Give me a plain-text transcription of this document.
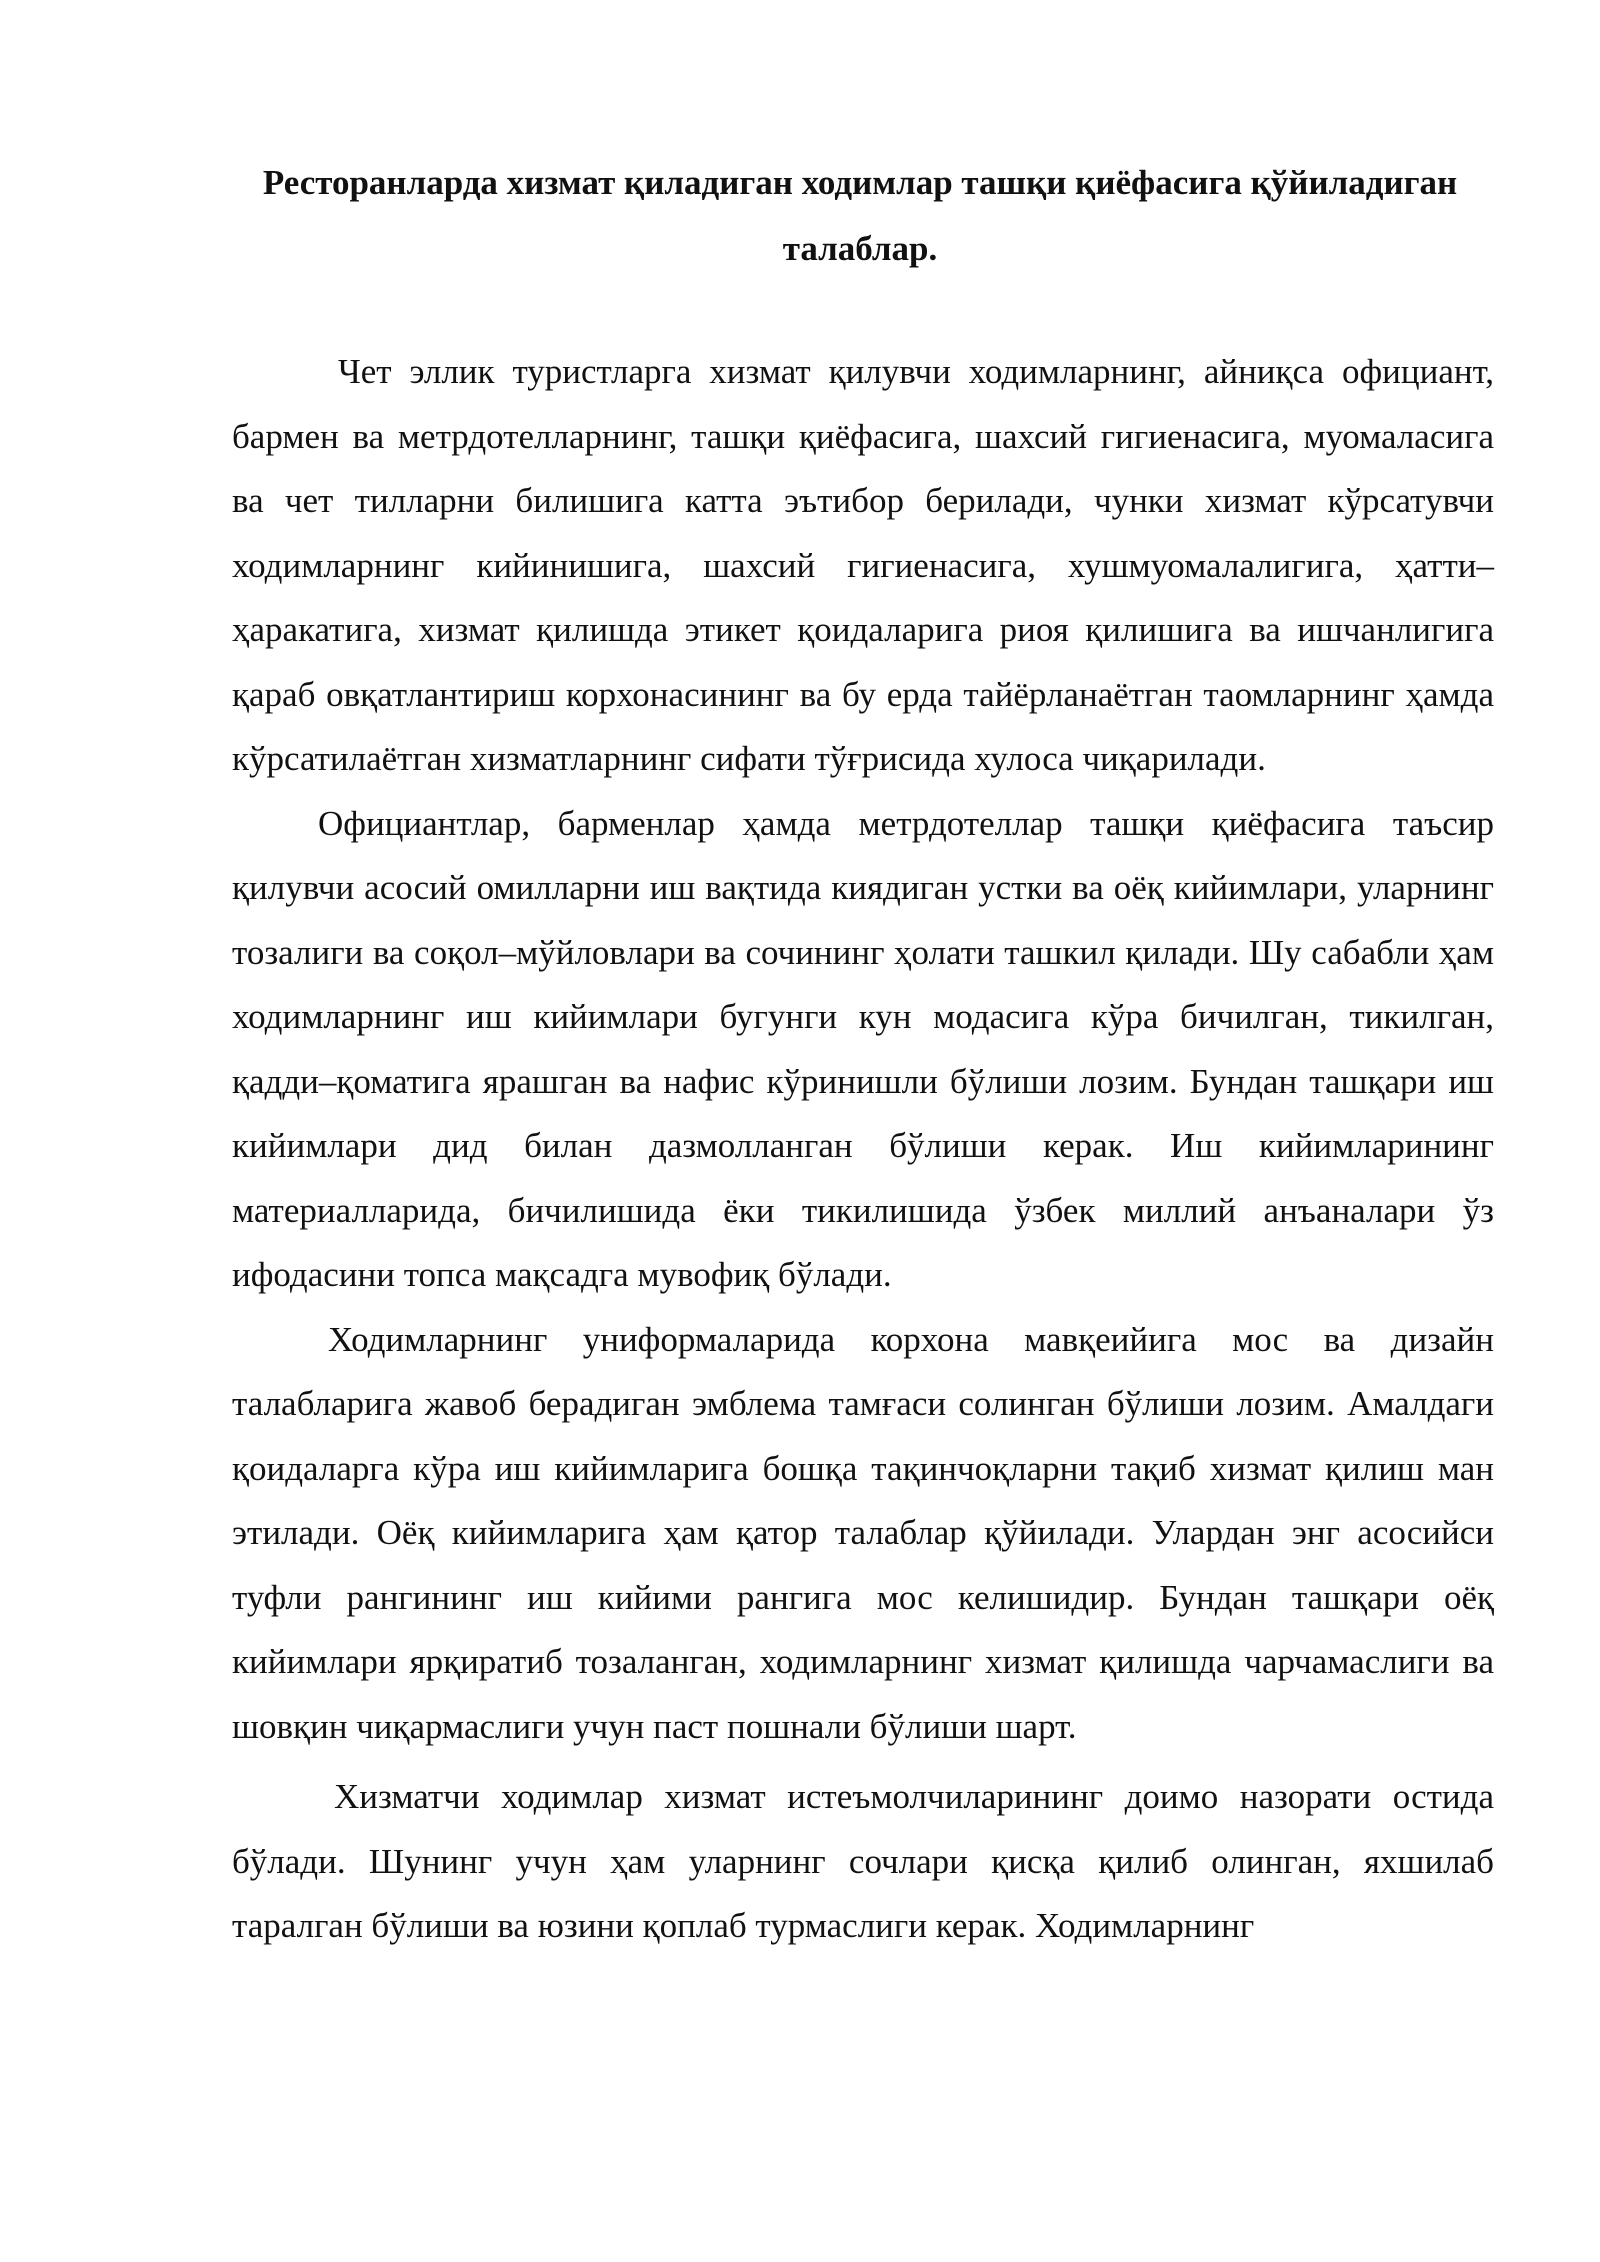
Ресторанларда хизмат қиладиган ходимлар ташқи қиёфасига қўйиладиган талаблар.

Чет эллик туристларга хизмат қилувчи ходимларнинг, айниқса официант, бармен ва метрдотелларнинг, ташқи қиёфасига, шахсий гигиенасига, муомаласига ва чет тилларни билишига катта эътибор берилади, чунки хизмат кўрсатувчи ходимларнинг кийинишига, шахсий гигиенасига, хушмуомалалигига, ҳатти– ҳаракатига, хизмат қилишда этикет қоидаларига риоя қилишига ва ишчанлигига қараб овқатлантириш корхонасининг ва бу ерда тайёрланаётган таомларнинг ҳамда кўрсатилаётган хизматларнинг сифати тўғрисида хулоса чиқарилади.

Официантлар, барменлар ҳамда метрдотеллар ташқи қиёфасига таъсир қилувчи асосий омилларни иш вақтида киядиган устки ва оёқ кийимлари, уларнинг тозалиги ва соқол–мўйловлари ва сочининг ҳолати ташкил қилади. Шу сабабли ҳам ходимларнинг иш кийимлари бугунги кун модасига кўра бичилган, тикилган, қадди–қоматига ярашган ва нафис кўринишли бўлиши лозим. Бундан ташқари иш кийимлари дид билан дазмолланган бўлиши керак. Иш кийимларининг материалларида, бичилишида ёки тикилишида ўзбек миллий анъаналари ўз ифодасини топса мақсадга мувофиқ бўлади.

Ходимларнинг униформаларида корхона мавқеийига мос ва дизайн талабларига жавоб берадиган эмблема тамғаси солинган бўлиши лозим. Амалдаги қоидаларга кўра иш кийимларига бошқа тақинчоқларни тақиб хизмат қилиш ман этилади. Оёқ кийимларига ҳам қатор талаблар қўйилади. Улардан энг асосийси туфли рангининг иш кийими рангига мос келишидир. Бундан ташқари оёқ кийимлари ярқиратиб тозаланган, ходимларнинг хизмат қилишда чарчамаслиги ва шовқин чиқармаслиги учун паст пошнали бўлиши шарт.

Хизматчи ходимлар хизмат истеъмолчиларининг доимо назорати остида бўлади. Шунинг учун ҳам уларнинг сочлари қисқа қилиб олинган, яхшилаб таралган бўлиши ва юзини қоплаб турмаслиги керак. Ходимларнинг
